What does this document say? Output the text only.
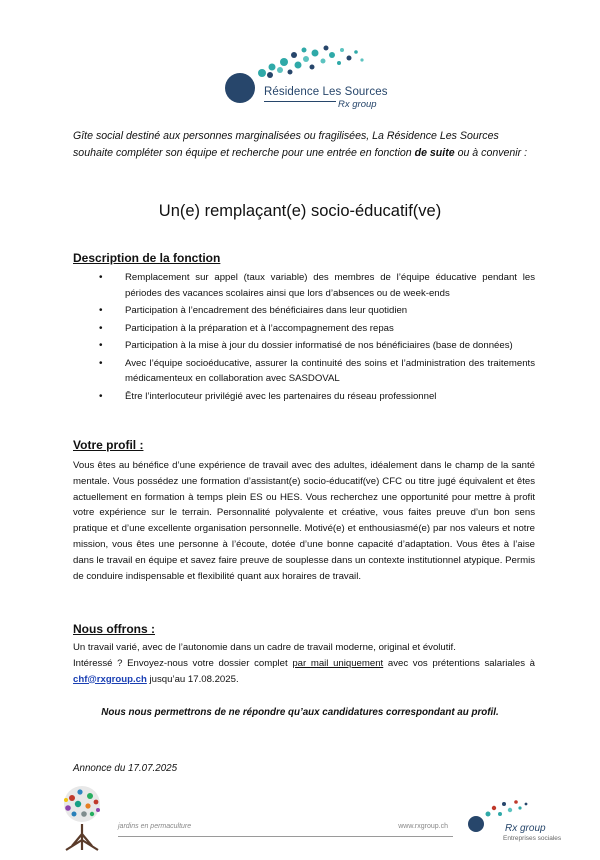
Résidence Les Sources
Rx group
Gîte social destiné aux personnes marginalisées ou fragilisées, La Résidence Les Sources souhaite compléter son équipe et recherche pour une entrée en fonction de suite ou à convenir :
Un(e) remplaçant(e) socio-éducatif(ve)
Description de la fonction
• Remplacement sur appel (taux variable) des membres de l’équipe éducative pendant les périodes des vacances scolaires ainsi que lors d’absences ou de week-ends
• Participation à l’encadrement des bénéficiaires dans leur quotidien
• Participation à la préparation et à l’accompagnement des repas
• Participation à la mise à jour du dossier informatisé de nos bénéficiaires (base de données)
• Avec l’équipe socioéducative, assurer la continuité des soins et l’administration des traitements médicamenteux en collaboration avec SASDOVAL
• Être l’interlocuteur privilégié avec les partenaires du réseau professionnel
Votre profil :
Vous êtes au bénéfice d’une expérience de travail avec des adultes, idéalement dans le champ de la santé mentale. Vous possédez une formation d’assistant(e) socio-éducatif(ve) CFC ou titre jugé équivalent et êtes actuellement en formation à temps plein ES ou HES. Vous recherchez une opportunité pour mettre à profit votre expérience sur le terrain. Personnalité polyvalente et créative, vous faites preuve d’un bon sens pratique et d’une excellente organisation personnelle. Motivé(e) et enthousiasmé(e) par nos valeurs et notre mission, vous êtes une personne à l’écoute, dotée d’une bonne capacité d’adaptation. Vous êtes à l’aise dans le travail en équipe et savez faire preuve de souplesse dans un contexte institutionnel atypique. Permis de conduire indispensable et flexibilité quant aux horaires de travail.
Nous offrons :
Un travail varié, avec de l’autonomie dans un cadre de travail moderne, original et évolutif.
Intéressé ? Envoyez-nous votre dossier complet par mail uniquement avec vos prétentions salariales à chf@rxgroup.ch jusqu’au 17.08.2025.
Nous nous permettrons de ne répondre qu’aux candidatures correspondant au profil.
Annonce du 17.07.2025
jardins en permaculture	www.rxgroup.ch	Rx group
Entreprises sociales
